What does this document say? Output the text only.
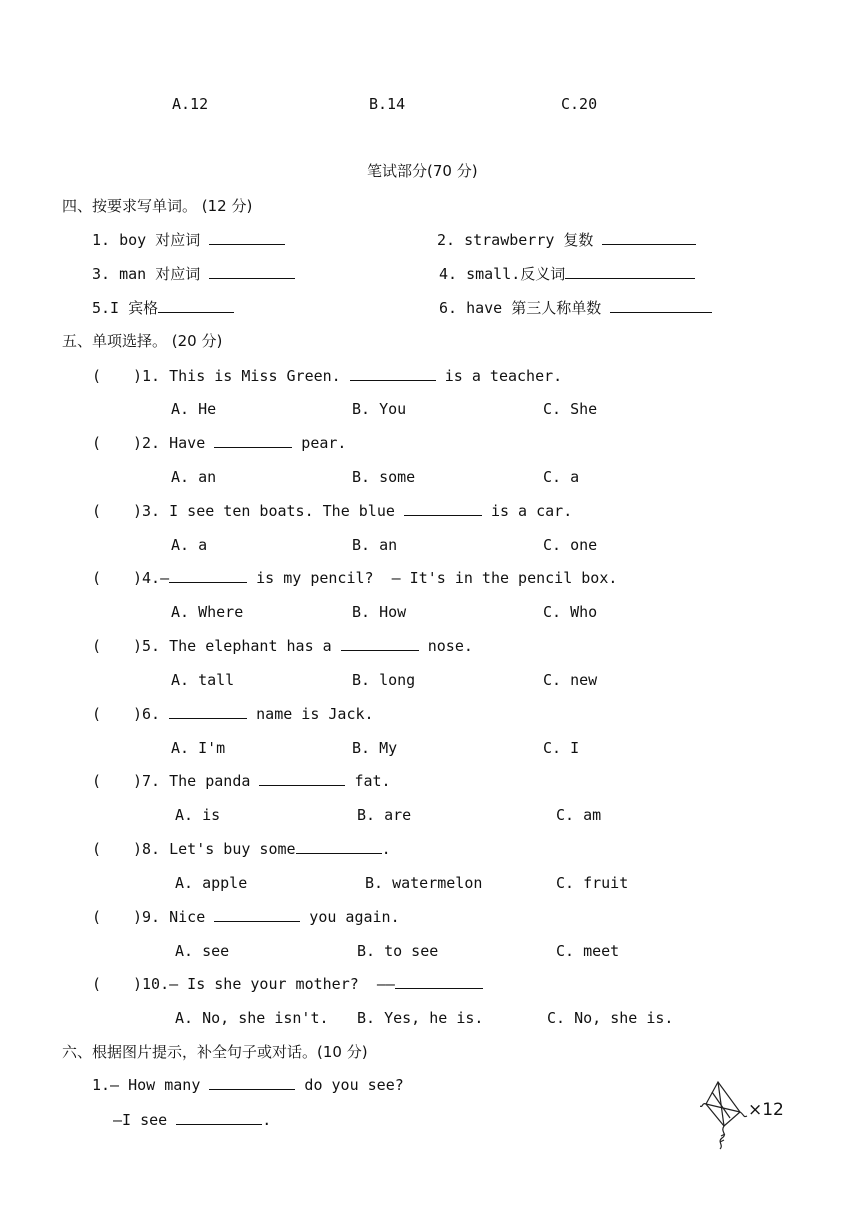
A.12	B.14	C.20
笔试部分(70 分)
四、按要求写单词。 (12 分)
1. boy 对应词	2. strawberry 复数
3. man 对应词	4. small.反义词
5.I 宾格	6. have 第三人称单数
五、单项选择。 (20 分)
( )1. This is Miss Green.	is a teacher.
A. He	B. You	C. She
( )2. Have	pear.
A. an	B. some	C. a
( )3. I see ten boats. The blue	is a car.
A. a	B. an	C. one
( )4.—	is my pencil?  — It's in the pencil box.
A. Where	B. How	C. Who
( )5. The elephant has a	nose.
A. tall	B. long	C. new
( )6.	name is Jack.
A. I'm	B. My	C. I
( )7. The panda	fat.
A. is	B. are	C. am
( )8. Let's buy some	.
A. apple	B. watermelon	C. fruit
( )9. Nice	you again.
A. see	B. to see	C. meet
( )10.— Is she your mother?  ——
A. No, she isn't. B. Yes, he is.	C. No, she is.
六、根据图片提示，补全句子或对话。(10 分)
1.— How many	do you see?
—I see	.	×12
